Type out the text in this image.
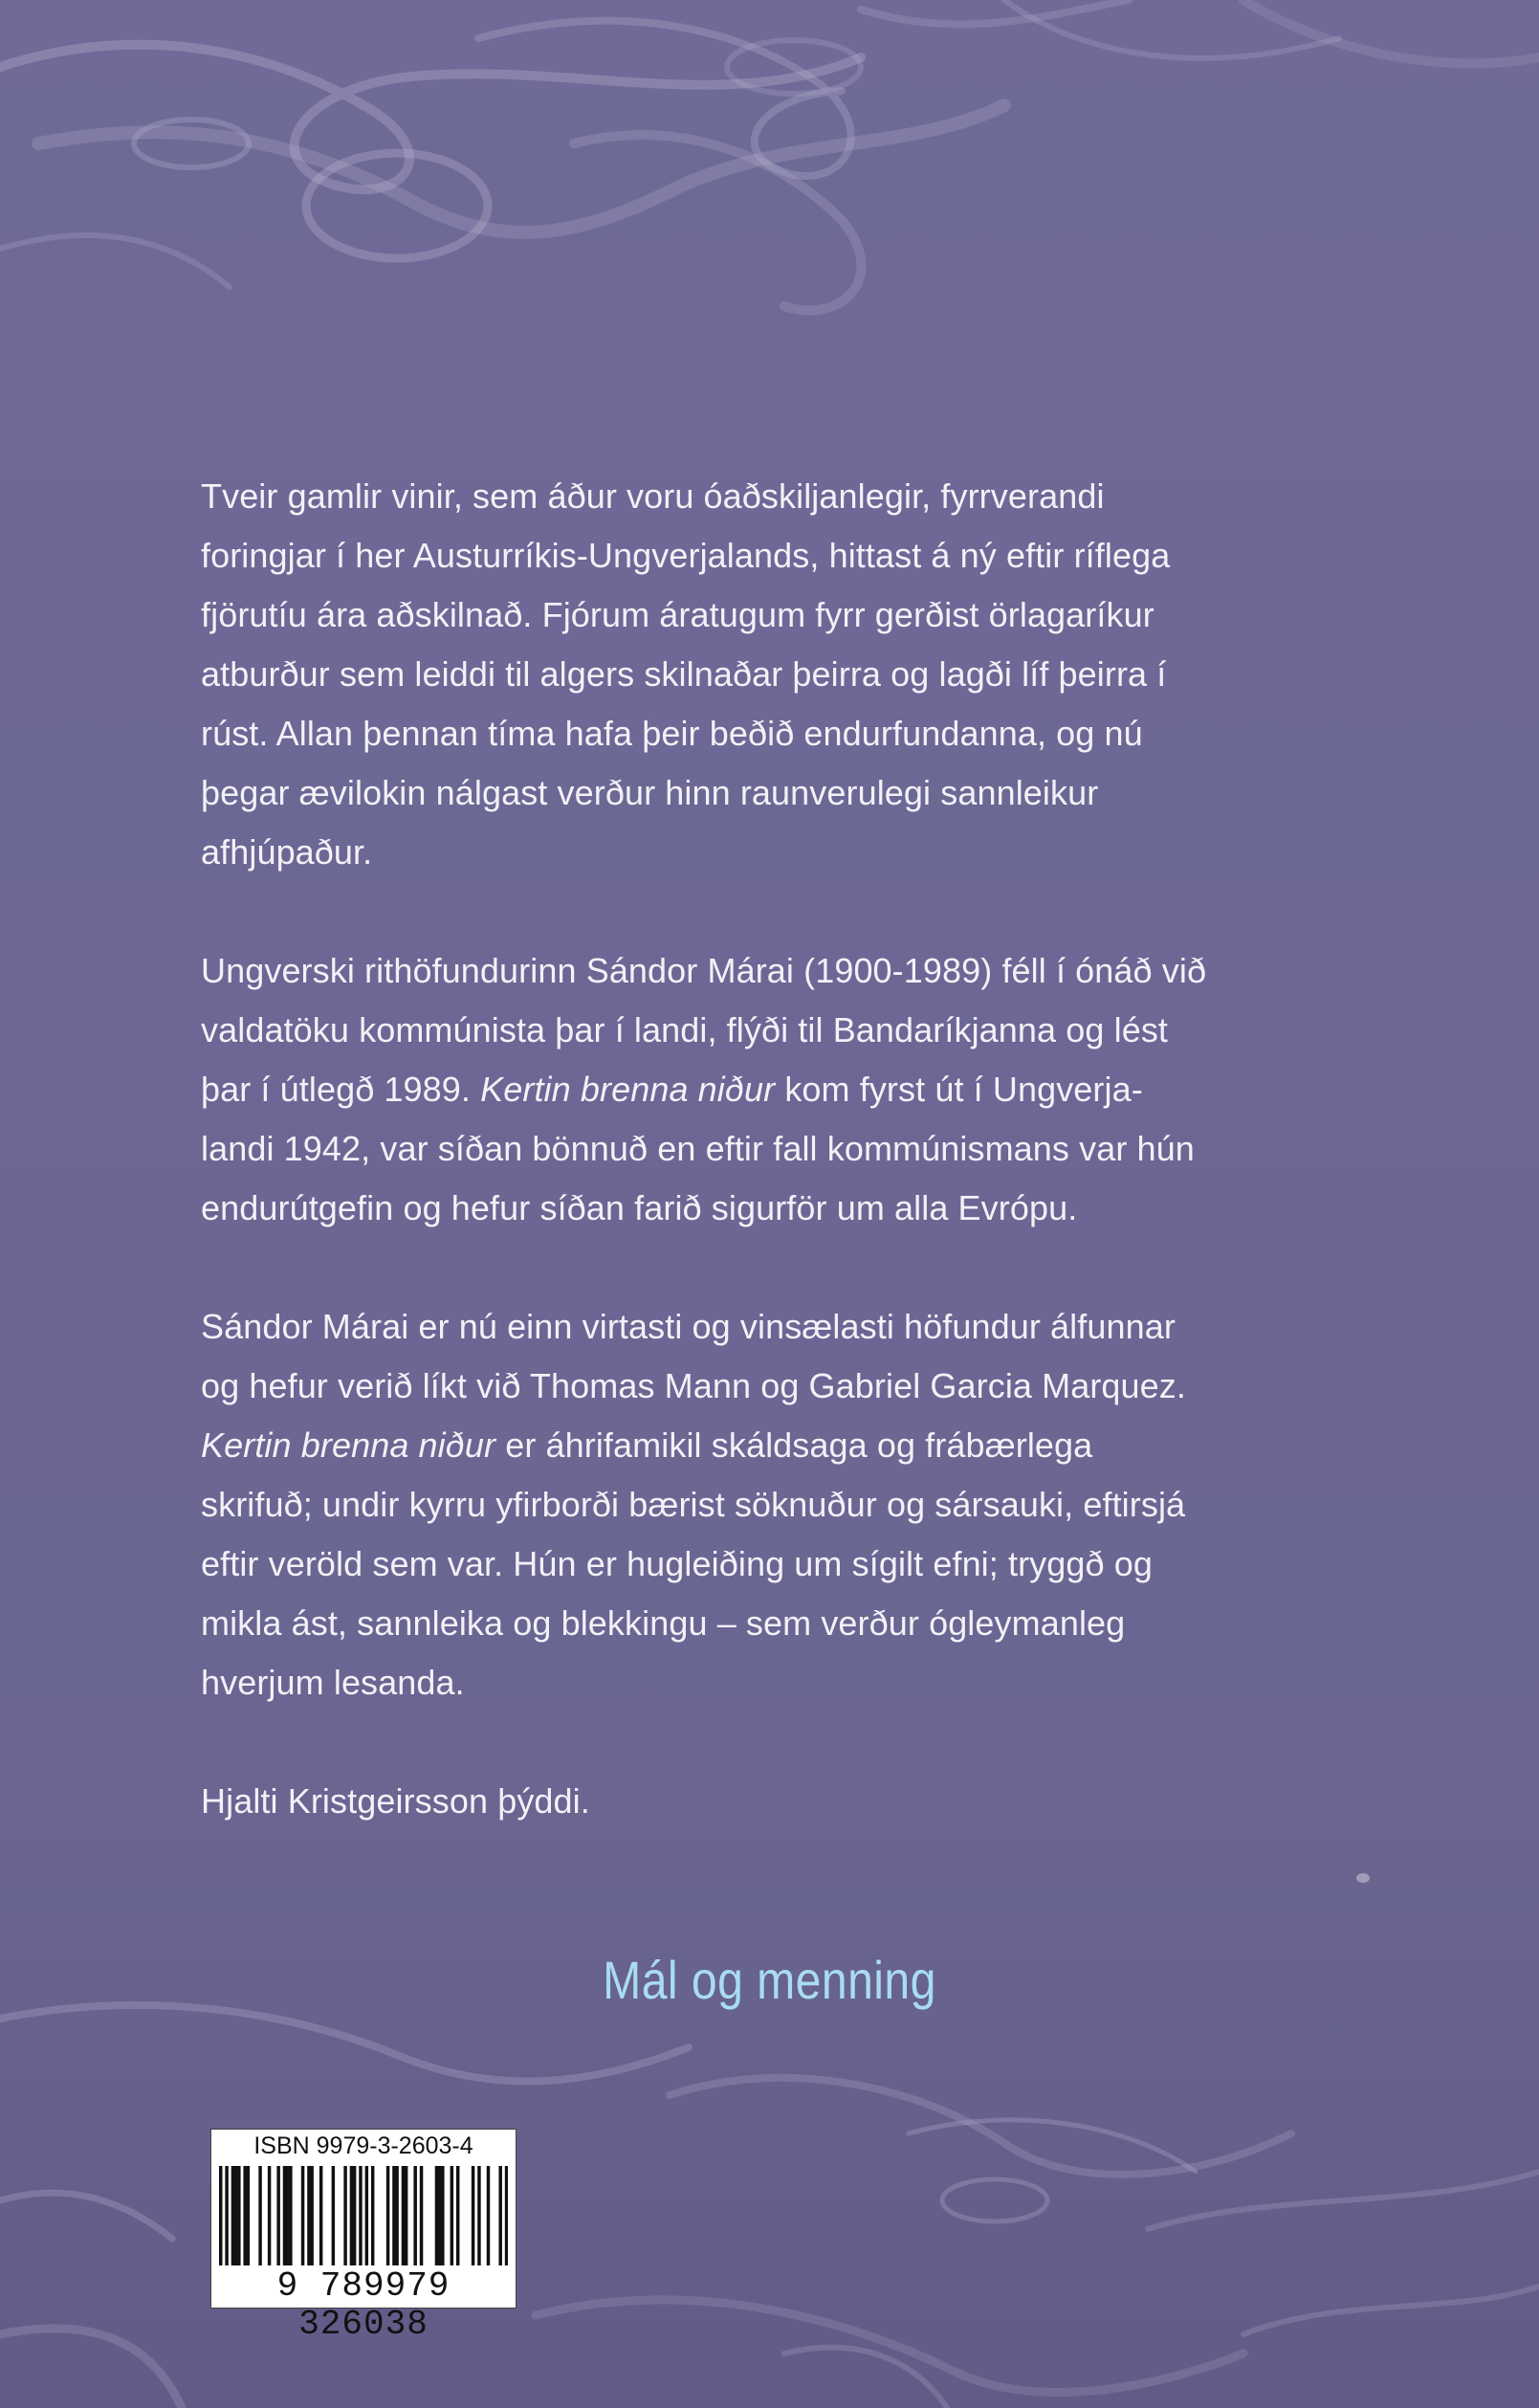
Tveir gamlir vinir, sem áður voru óaðskiljanlegir, fyrrverandi
foringjar í her Austurríkis-Ungverjalands, hittast á ný eftir ríflega
fjörutíu ára aðskilnað. Fjórum áratugum fyrr gerðist örlagaríkur
atburður sem leiddi til algers skilnaðar þeirra og lagði líf þeirra í
rúst. Allan þennan tíma hafa þeir beðið endurfundanna, og nú
þegar ævilokin nálgast verður hinn raunverulegi sannleikur
afhjúpaður.

Ungverski rithöfundurinn Sándor Márai (1900-1989) féll í ónáð við
valdatöku kommúnista þar í landi, flýði til Bandaríkjanna og lést
þar í útlegð 1989. Kertin brenna niður kom fyrst út í Ungverja-
landi 1942, var síðan bönnuð en eftir fall kommúnismans var hún
endurútgefin og hefur síðan farið sigurför um alla Evrópu.

Sándor Márai er nú einn virtasti og vinsælasti höfundur álfunnar
og hefur verið líkt við Thomas Mann og Gabriel Garcia Marquez.
Kertin brenna niður er áhrifamikil skáldsaga og frábærlega
skrifuð; undir kyrru yfirborði bærist söknuður og sársauki, eftirsjá
eftir veröld sem var. Hún er hugleiðing um sígilt efni; tryggð og
mikla ást, sannleika og blekkingu – sem verður ógleymanleg
hverjum lesanda.

Hjalti Kristgeirsson þýddi.

Mál og menning
ISBN 9979-3-2603-4
9 789979 326038
